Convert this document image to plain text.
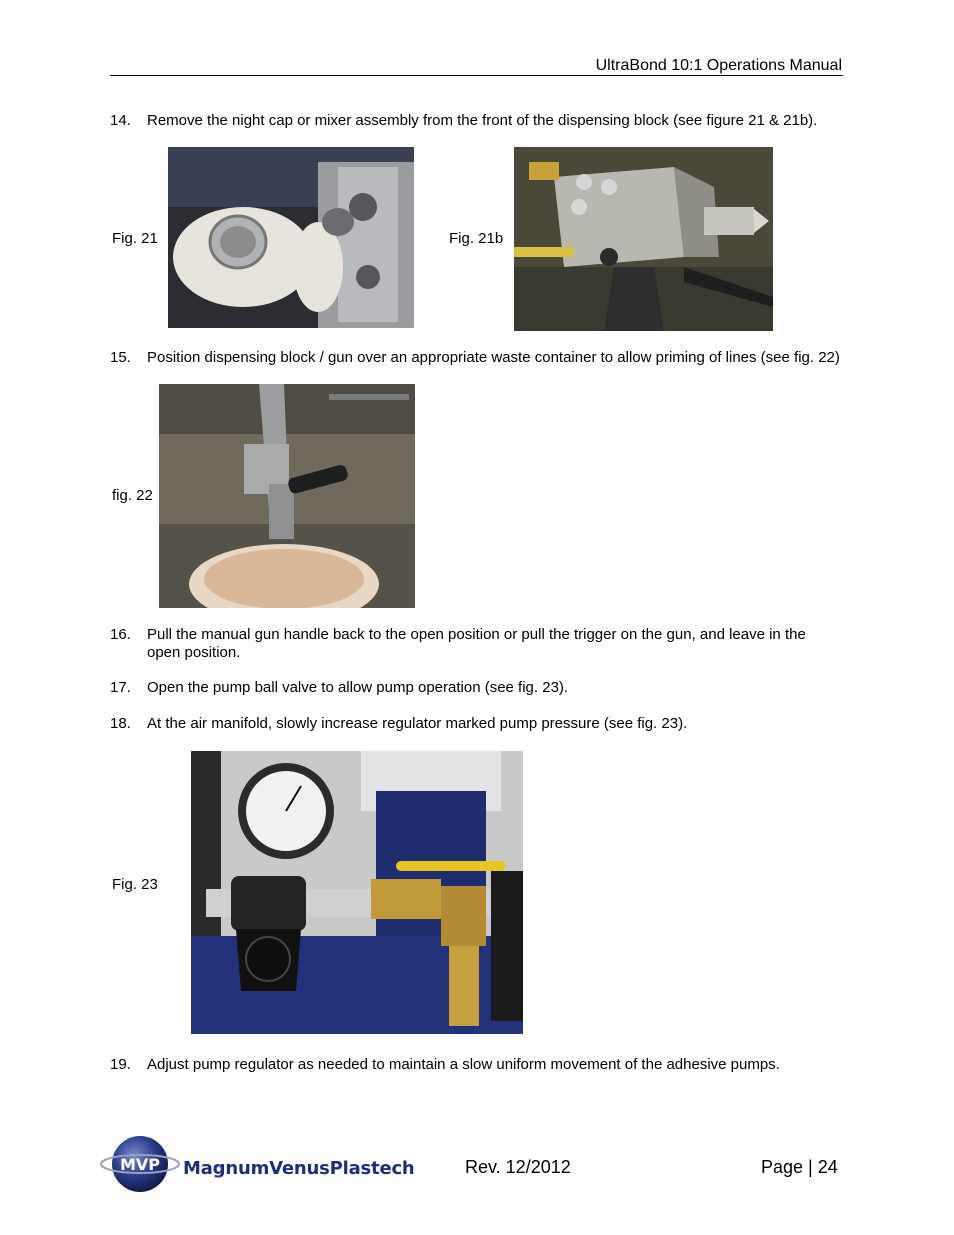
UltraBond 10:1 Operations Manual
14. Remove the night cap or mixer assembly from the front of the dispensing block (see figure 21 & 21b).
Fig. 21	Fig. 21b
15. Position dispensing block / gun over an appropriate waste container to allow priming of lines (see fig. 22)
fig. 22
16. Pull the manual gun handle back to the open position or pull the trigger on the gun, and leave in the open position.
17. Open the pump ball valve to allow pump operation (see fig. 23).
18. At the air manifold, slowly increase regulator marked pump pressure (see fig. 23).
Fig. 23
19. Adjust pump regulator as needed to maintain a slow uniform movement of the adhesive pumps.
MVP MagnumVenusPlastech	Rev. 12/2012	Page | 24
